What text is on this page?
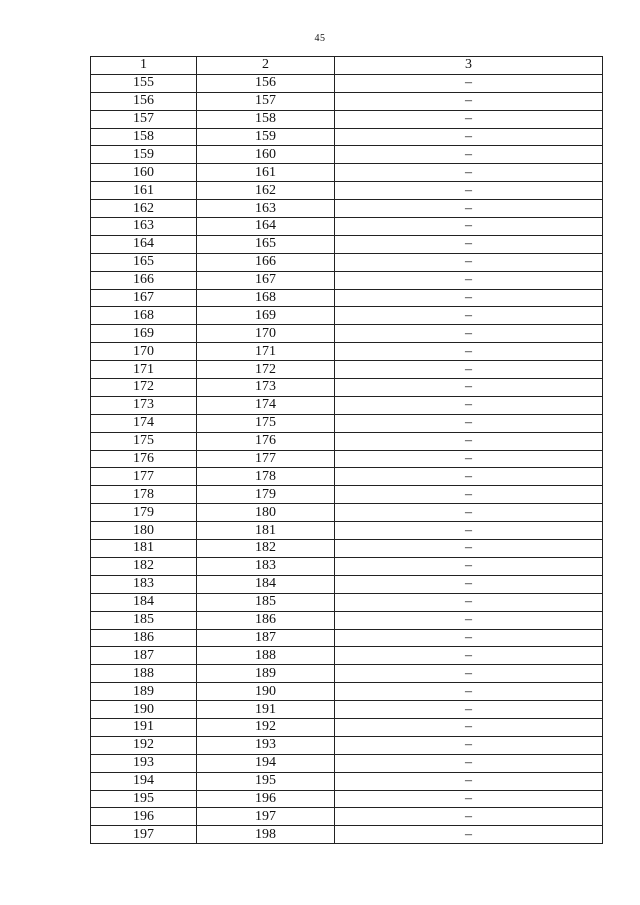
45
1	2	3
155	156	–
156	157	–
157	158	–
158	159	–
159	160	–
160	161	–
161	162	–
162	163	–
163	164	–
164	165	–
165	166	–
166	167	–
167	168	–
168	169	–
169	170	–
170	171	–
171	172	–
172	173	–
173	174	–
174	175	–
175	176	–
176	177	–
177	178	–
178	179	–
179	180	–
180	181	–
181	182	–
182	183	–
183	184	–
184	185	–
185	186	–
186	187	–
187	188	–
188	189	–
189	190	–
190	191	–
191	192	–
192	193	–
193	194	–
194	195	–
195	196	–
196	197	–
197	198	–
